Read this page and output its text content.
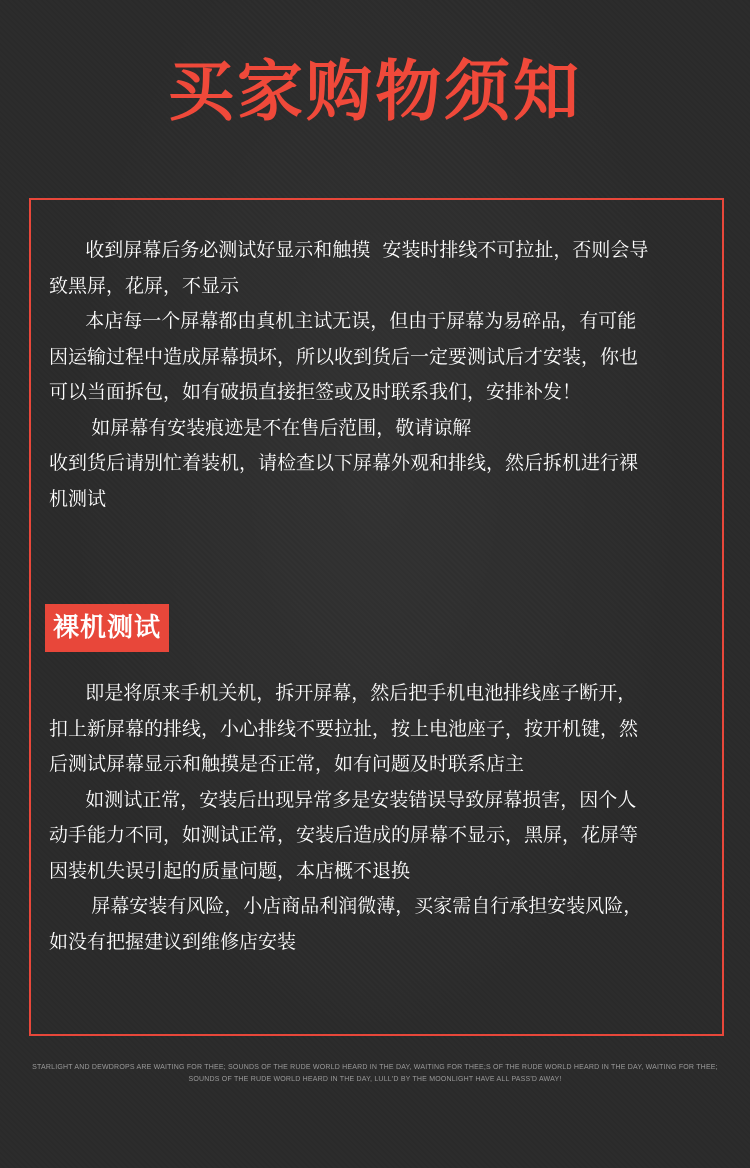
买家购物须知

收到屏幕后务必测试好显示和触摸  安装时排线不可拉扯，否则会导
致黑屏，花屏，不显示
本店每一个屏幕都由真机主试无误，但由于屏幕为易碎品，有可能
因运输过程中造成屏幕损坏，所以收到货后一定要测试后才安装，你也
可以当面拆包，如有破损直接拒签或及时联系我们，安排补发！
如屏幕有安装痕迹是不在售后范围，敬请谅解
收到货后请别忙着装机，请检查以下屏幕外观和排线，然后拆机进行裸
机测试

裸机测试

即是将原来手机关机，拆开屏幕，然后把手机电池排线座子断开，
扣上新屏幕的排线，小心排线不要拉扯，按上电池座子，按开机键，然
后测试屏幕显示和触摸是否正常，如有问题及时联系店主
如测试正常，安装后出现异常多是安装错误导致屏幕损害，因个人
动手能力不同，如测试正常，安装后造成的屏幕不显示，黑屏，花屏等
因装机失误引起的质量问题，本店概不退换
屏幕安装有风险，小店商品利润微薄，买家需自行承担安装风险，
如没有把握建议到维修店安装

STARLIGHT AND DEWDROPS ARE WAITING FOR THEE; SOUNDS OF THE RUDE WORLD HEARD IN THE DAY, WAITING FOR THEE;S OF THE RUDE WORLD HEARD IN THE DAY, WAITING FOR THEE;
SOUNDS OF THE RUDE WORLD HEARD IN THE DAY, LULL'D BY THE MOONLIGHT HAVE ALL PASS'D AWAY!
